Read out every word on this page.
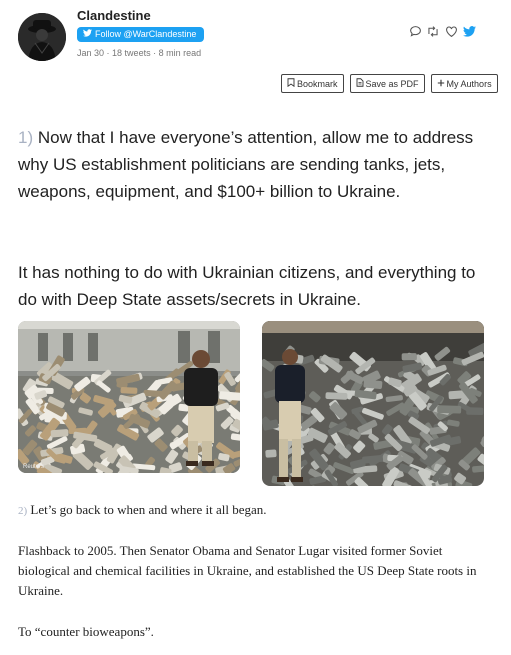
Clandestine
Follow @WarClandestine
Jan 30 · 18 tweets · 8 min read
Bookmark	Save as PDF	My Authors

1) Now that I have everyone’s attention, allow me to address why US establishment politicians are sending tanks, jets, weapons, equipment, and $100+ billion to Ukraine.

It has nothing to do with Ukrainian citizens, and everything to do with Deep State assets/secrets in Ukraine.

Reuters

2) Let’s go back to when and where it all began.

Flashback to 2005. Then Senator Obama and Senator Lugar visited former Soviet biological and chemical facilities in Ukraine, and established the US Deep State roots in Ukraine.

To “counter bioweapons”.
